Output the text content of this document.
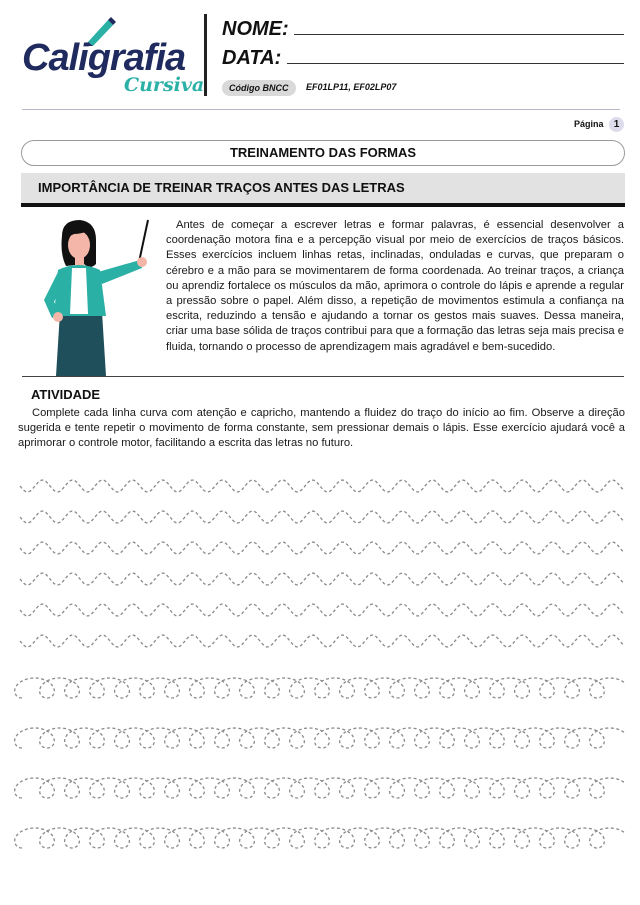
Caligrafia
Cursiva
NOME:
DATA:
Código BNCC	EF01LP11, EF02LP07
Página	1
TREINAMENTO DAS FORMAS
IMPORTÂNCIA DE TREINAR TRAÇOS ANTES DAS LETRAS

Antes de começar a escrever letras e formar palavras, é essencial desenvolver a coordenação motora fina e a percepção visual por meio de exercícios de traços básicos. Esses exercícios incluem linhas retas, inclinadas, onduladas e curvas, que preparam o cérebro e a mão para se movimentarem de forma coordenada. Ao treinar traços, a criança ou aprendiz fortalece os músculos da mão, aprimora o controle do lápis e aprende a regular a pressão sobre o papel. Além disso, a repetição de movimentos estimula a confiança na escrita, reduzindo a tensão e ajudando a tornar os gestos mais suaves. Dessa maneira, criar uma base sólida de traços contribui para que a formação das letras seja mais precisa e fluida, tornando o processo de aprendizagem mais agradável e bem-sucedido.

ATIVIDADE

Complete cada linha curva com atenção e capricho, mantendo a fluidez do traço do início ao fim. Observe a direção sugerida e tente repetir o movimento de forma constante, sem pressionar demais o lápis. Esse exercício ajudará você a aprimorar o controle motor, facilitando a escrita das letras no futuro.
